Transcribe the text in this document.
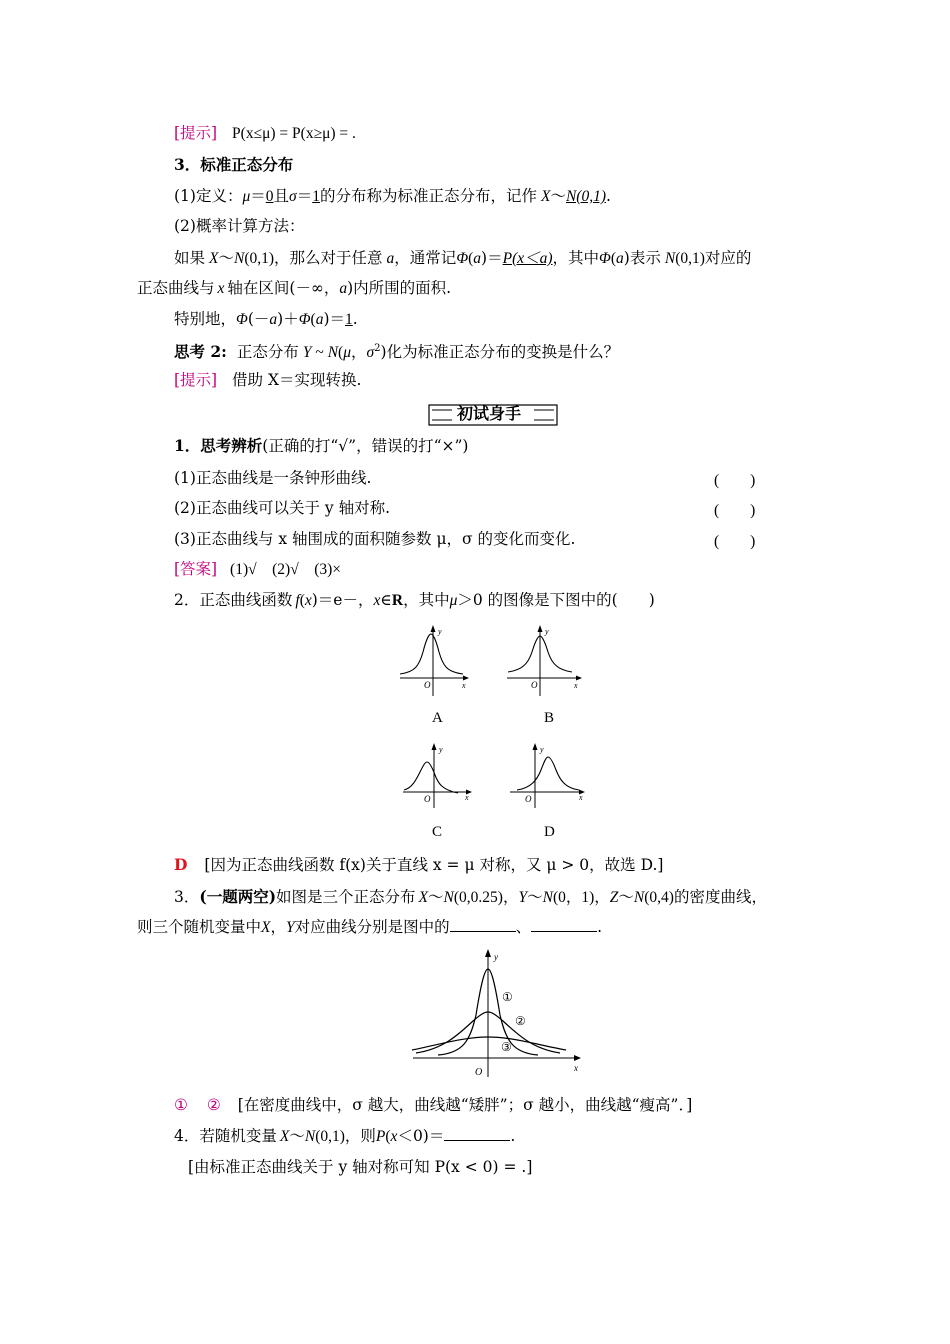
[提示] P(x≤μ) = P(x≥μ) = .
3．标准正态分布
(1)定义：μ＝0且σ＝1的分布称为标准正态分布，记作 X～N(0,1).
(2)概率计算方法：
如果 X～N(0,1)，那么对于任意 a，通常记Φ(a)＝P(x＜a)，其中Φ(a)表示 N(0,1)对应的
正态曲线与 x 轴在区间(－∞，a)内所围的面积.
特别地，Φ(－a)＋Φ(a)＝1.
思考 2: 正态分布 Y ~ N(μ，$\sigma^2$)化为标准正态分布的变换是什么？
[提示] 借助 X＝实现转换.
初试身手
1．思考辨析(正确的打“√”，错误的打“×”)
(1)正态曲线是一条钟形曲线.	(　　)
(2)正态曲线可以关于 y 轴对称.	(　　)
(3)正态曲线与 x 轴围成的面积随参数 μ，σ 的变化而变化.	(　　)
[答案] (1)√　(2)√　(3)×
2．正态曲线函数 f(x)＝e－，x∈R，其中μ＞0 的图像是下图中的(　　)
y
x
O
A
y
x
O
B
y
x
O
C
y
x
O
D
D [因为正态曲线函数 f(x)关于直线 x = μ 对称，又 μ > 0，故选 D.]
3．(一题两空)如图是三个正态分布 X～N(0,0.25)，Y～N(0，1)，Z～N(0,4)的密度曲线，
则三个随机变量中X，Y对应曲线分别是图中的	、	.
y
x
O
①
②
③
① ② [在密度曲线中，σ 越大，曲线越“矮胖”；σ 越小，曲线越“瘦高”．]
4．若随机变量 X～N(0,1)，则P(x＜0)＝	.
[由标准正态曲线关于 y 轴对称可知 P(x < 0) = .]
